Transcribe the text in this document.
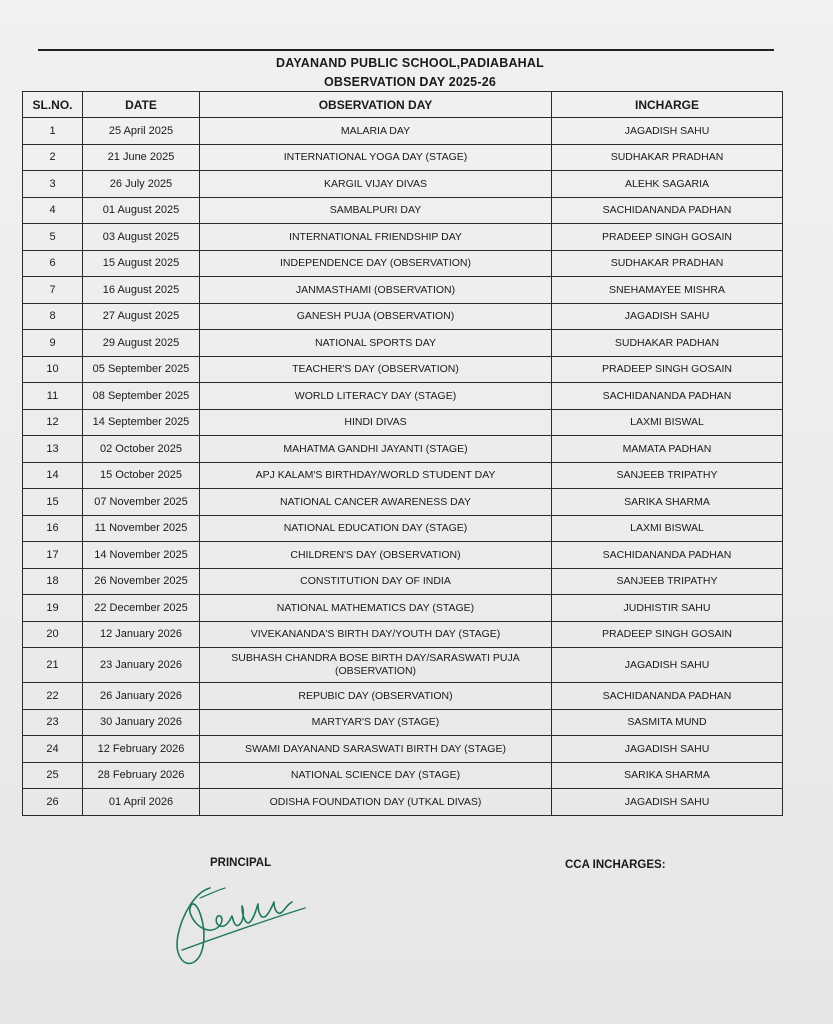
DAYANAND PUBLIC SCHOOL,PADIABAHAL
OBSERVATION DAY 2025-26
SL.NO.	DATE	OBSERVATION DAY	INCHARGE
1	25 April 2025	MALARIA DAY	JAGADISH SAHU
2	21 June 2025	INTERNATIONAL YOGA DAY (STAGE)	SUDHAKAR PRADHAN
3	26 July 2025	KARGIL VIJAY DIVAS	ALEHK SAGARIA
4	01 August 2025	SAMBALPURI DAY	SACHIDANANDA PADHAN
5	03 August 2025	INTERNATIONAL FRIENDSHIP DAY	PRADEEP SINGH GOSAIN
6	15 August 2025	INDEPENDENCE DAY (OBSERVATION)	SUDHAKAR PRADHAN
7	16 August 2025	JANMASTHAMI (OBSERVATION)	SNEHAMAYEE MISHRA
8	27 August 2025	GANESH PUJA (OBSERVATION)	JAGADISH SAHU
9	29 August 2025	NATIONAL SPORTS DAY	SUDHAKAR PADHAN
10	05 September 2025	TEACHER'S DAY (OBSERVATION)	PRADEEP SINGH GOSAIN
11	08 September 2025	WORLD LITERACY DAY (STAGE)	SACHIDANANDA PADHAN
12	14 September 2025	HINDI DIVAS	LAXMI BISWAL
13	02 October 2025	MAHATMA GANDHI JAYANTI (STAGE)	MAMATA PADHAN
14	15 October 2025	APJ KALAM'S BIRTHDAY/WORLD STUDENT DAY	SANJEEB TRIPATHY
15	07 November 2025	NATIONAL CANCER AWARENESS DAY	SARIKA SHARMA
16	11 November 2025	NATIONAL EDUCATION DAY (STAGE)	LAXMI BISWAL
17	14 November 2025	CHILDREN'S DAY (OBSERVATION)	SACHIDANANDA PADHAN
18	26 November 2025	CONSTITUTION DAY OF INDIA	SANJEEB TRIPATHY
19	22 December 2025	NATIONAL MATHEMATICS DAY (STAGE)	JUDHISTIR SAHU
20	12 January 2026	VIVEKANANDA'S BIRTH DAY/YOUTH DAY (STAGE)	PRADEEP SINGH GOSAIN
21	23 January 2026	SUBHASH CHANDRA BOSE BIRTH DAY/SARASWATI PUJA (OBSERVATION)	JAGADISH SAHU
22	26 January 2026	REPUBIC DAY (OBSERVATION)	SACHIDANANDA PADHAN
23	30 January 2026	MARTYAR'S DAY (STAGE)	SASMITA MUND
24	12 February 2026	SWAMI DAYANAND SARASWATI BIRTH DAY (STAGE)	JAGADISH SAHU
25	28 February 2026	NATIONAL SCIENCE DAY (STAGE)	SARIKA SHARMA
26	01 April 2026	ODISHA FOUNDATION DAY (UTKAL DIVAS)	JAGADISH SAHU
PRINCIPAL	CCA INCHARGES:
